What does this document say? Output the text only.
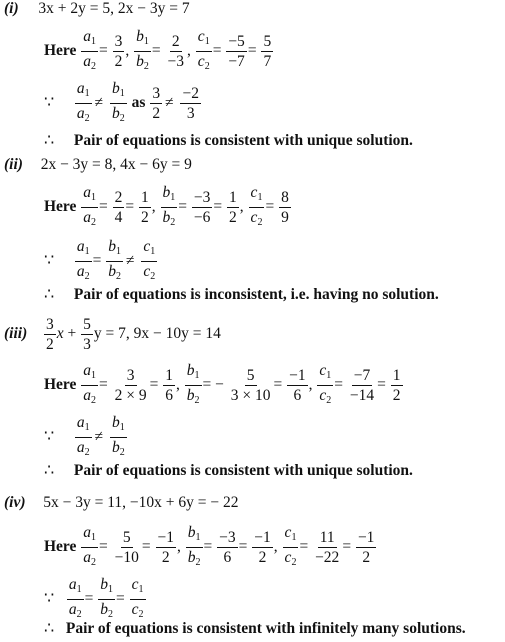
(i) 3x + 2y = 5, 2x − 3y = 7
Here $\frac{a_1}{a_2} = \frac{3}{2}$ , $\frac{b_1}{b_2} = \frac{2}{-3}$ , $\frac{c_1}{c_2} = \frac{-5}{-7} = \frac{5}{7}$
∵ $\frac{a_1}{a_2} \ne \frac{b_1}{b_2}$ as $\frac{3}{2} \ne \frac{-2}{3}$
∴ Pair of equations is consistent with unique solution.
(ii) 2x − 3y = 8, 4x − 6y = 9
Here $\frac{a_1}{a_2} = \frac{2}{4} = \frac{1}{2}$ , $\frac{b_1}{b_2} = \frac{-3}{-6} = \frac{1}{2}$ , $\frac{c_1}{c_2} = \frac{8}{9}$
∵ $\frac{a_1}{a_2} = \frac{b_1}{b_2} \ne \frac{c_1}{c_2}$
∴ Pair of equations is inconsistent, i.e. having no solution.
$(iii) \frac{3}{2}$ $x + \frac{5}{3}$ y = 7, 9x − 10y = 14
Here $\frac{a_1}{a_2} = \frac{3}{2 \times 9} = \frac{1}{6}$ , $\frac{b_1}{b_2}$ = − $\frac{5}{3 \times 10} = \frac{-1}{6}$ , $\frac{c_1}{c_2} = \frac{-7}{-14} = \frac{1}{2}$
∵ $\frac{a_1}{a_2} \ne \frac{b_1}{b_2}$
∴ Pair of equations is consistent with unique solution.
(iv) 5x − 3y = 11, −10x + 6y = − 22
Here $\frac{a_1}{a_2} = \frac{5}{-10} = \frac{-1}{2}$ , $\frac{b_1}{b_2} = \frac{-3}{6} = \frac{-1}{2}$ , $\frac{c_1}{c_2} = \frac{11}{-22} = \frac{-1}{2}$
∵ $\frac{a_1}{a_2} = \frac{b_1}{b_2} = \frac{c_1}{c_2}$
∴ Pair of equations is consistent with infinitely many solutions.
